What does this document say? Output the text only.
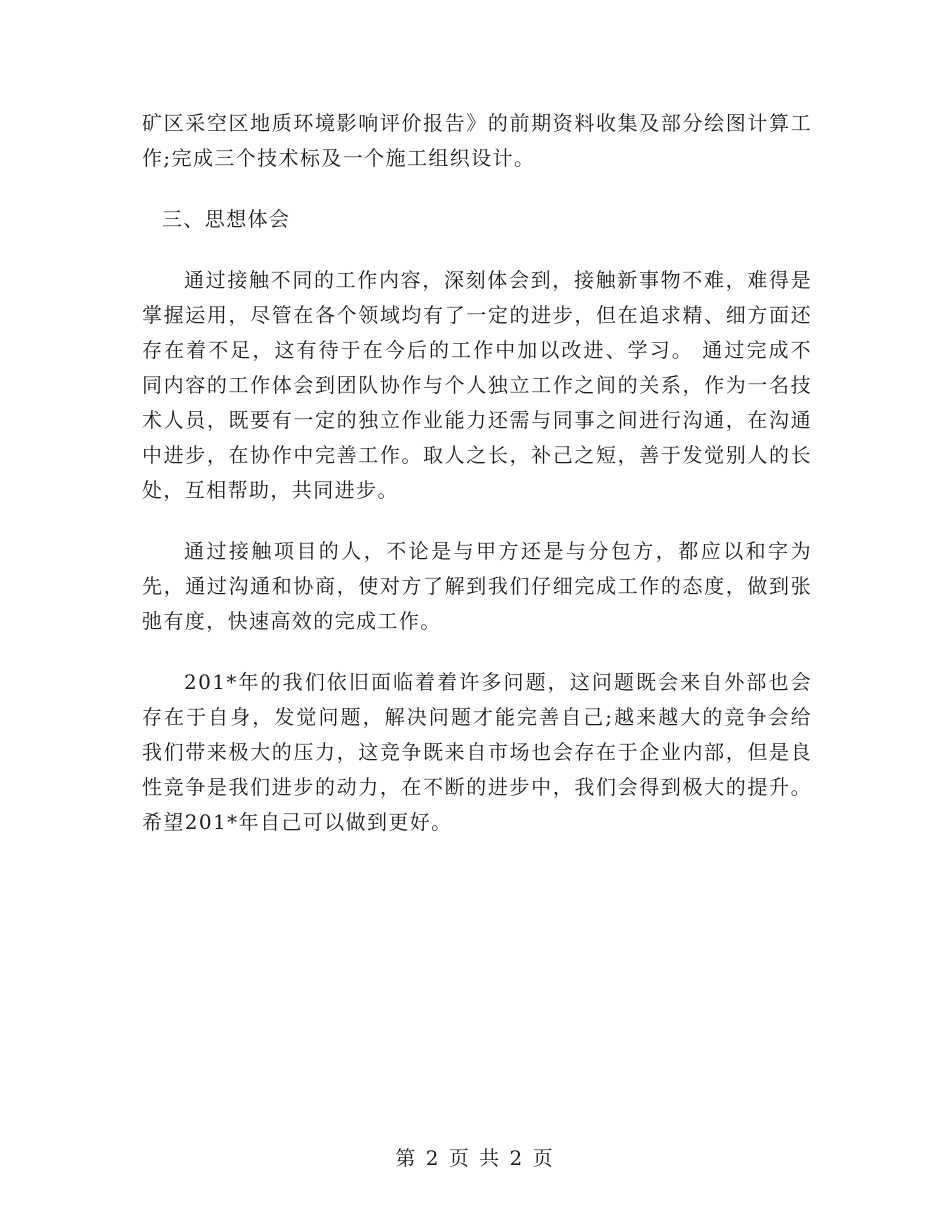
矿区采空区地质环境影响评价报告》的前期资料收集及部分绘图计算工作;完成三个技术标及一个施工组织设计。

三、思想体会

通过接触不同的工作内容，深刻体会到，接触新事物不难，难得是掌握运用，尽管在各个领域均有了一定的进步，但在追求精、细方面还存在着不足，这有待于在今后的工作中加以改进、学习。 通过完成不同内容的工作体会到团队协作与个人独立工作之间的关系，作为一名技术人员，既要有一定的独立作业能力还需与同事之间进行沟通，在沟通中进步，在协作中完善工作。取人之长，补己之短，善于发觉别人的长处，互相帮助，共同进步。

通过接触项目的人，不论是与甲方还是与分包方，都应以和字为先，通过沟通和协商，使对方了解到我们仔细完成工作的态度，做到张弛有度，快速高效的完成工作。

201*年的我们依旧面临着着许多问题，这问题既会来自外部也会存在于自身，发觉问题，解决问题才能完善自己;越来越大的竞争会给我们带来极大的压力，这竞争既来自市场也会存在于企业内部，但是良性竞争是我们进步的动力，在不断的进步中，我们会得到极大的提升。希望201*年自己可以做到更好。

第 2 页 共 2 页
